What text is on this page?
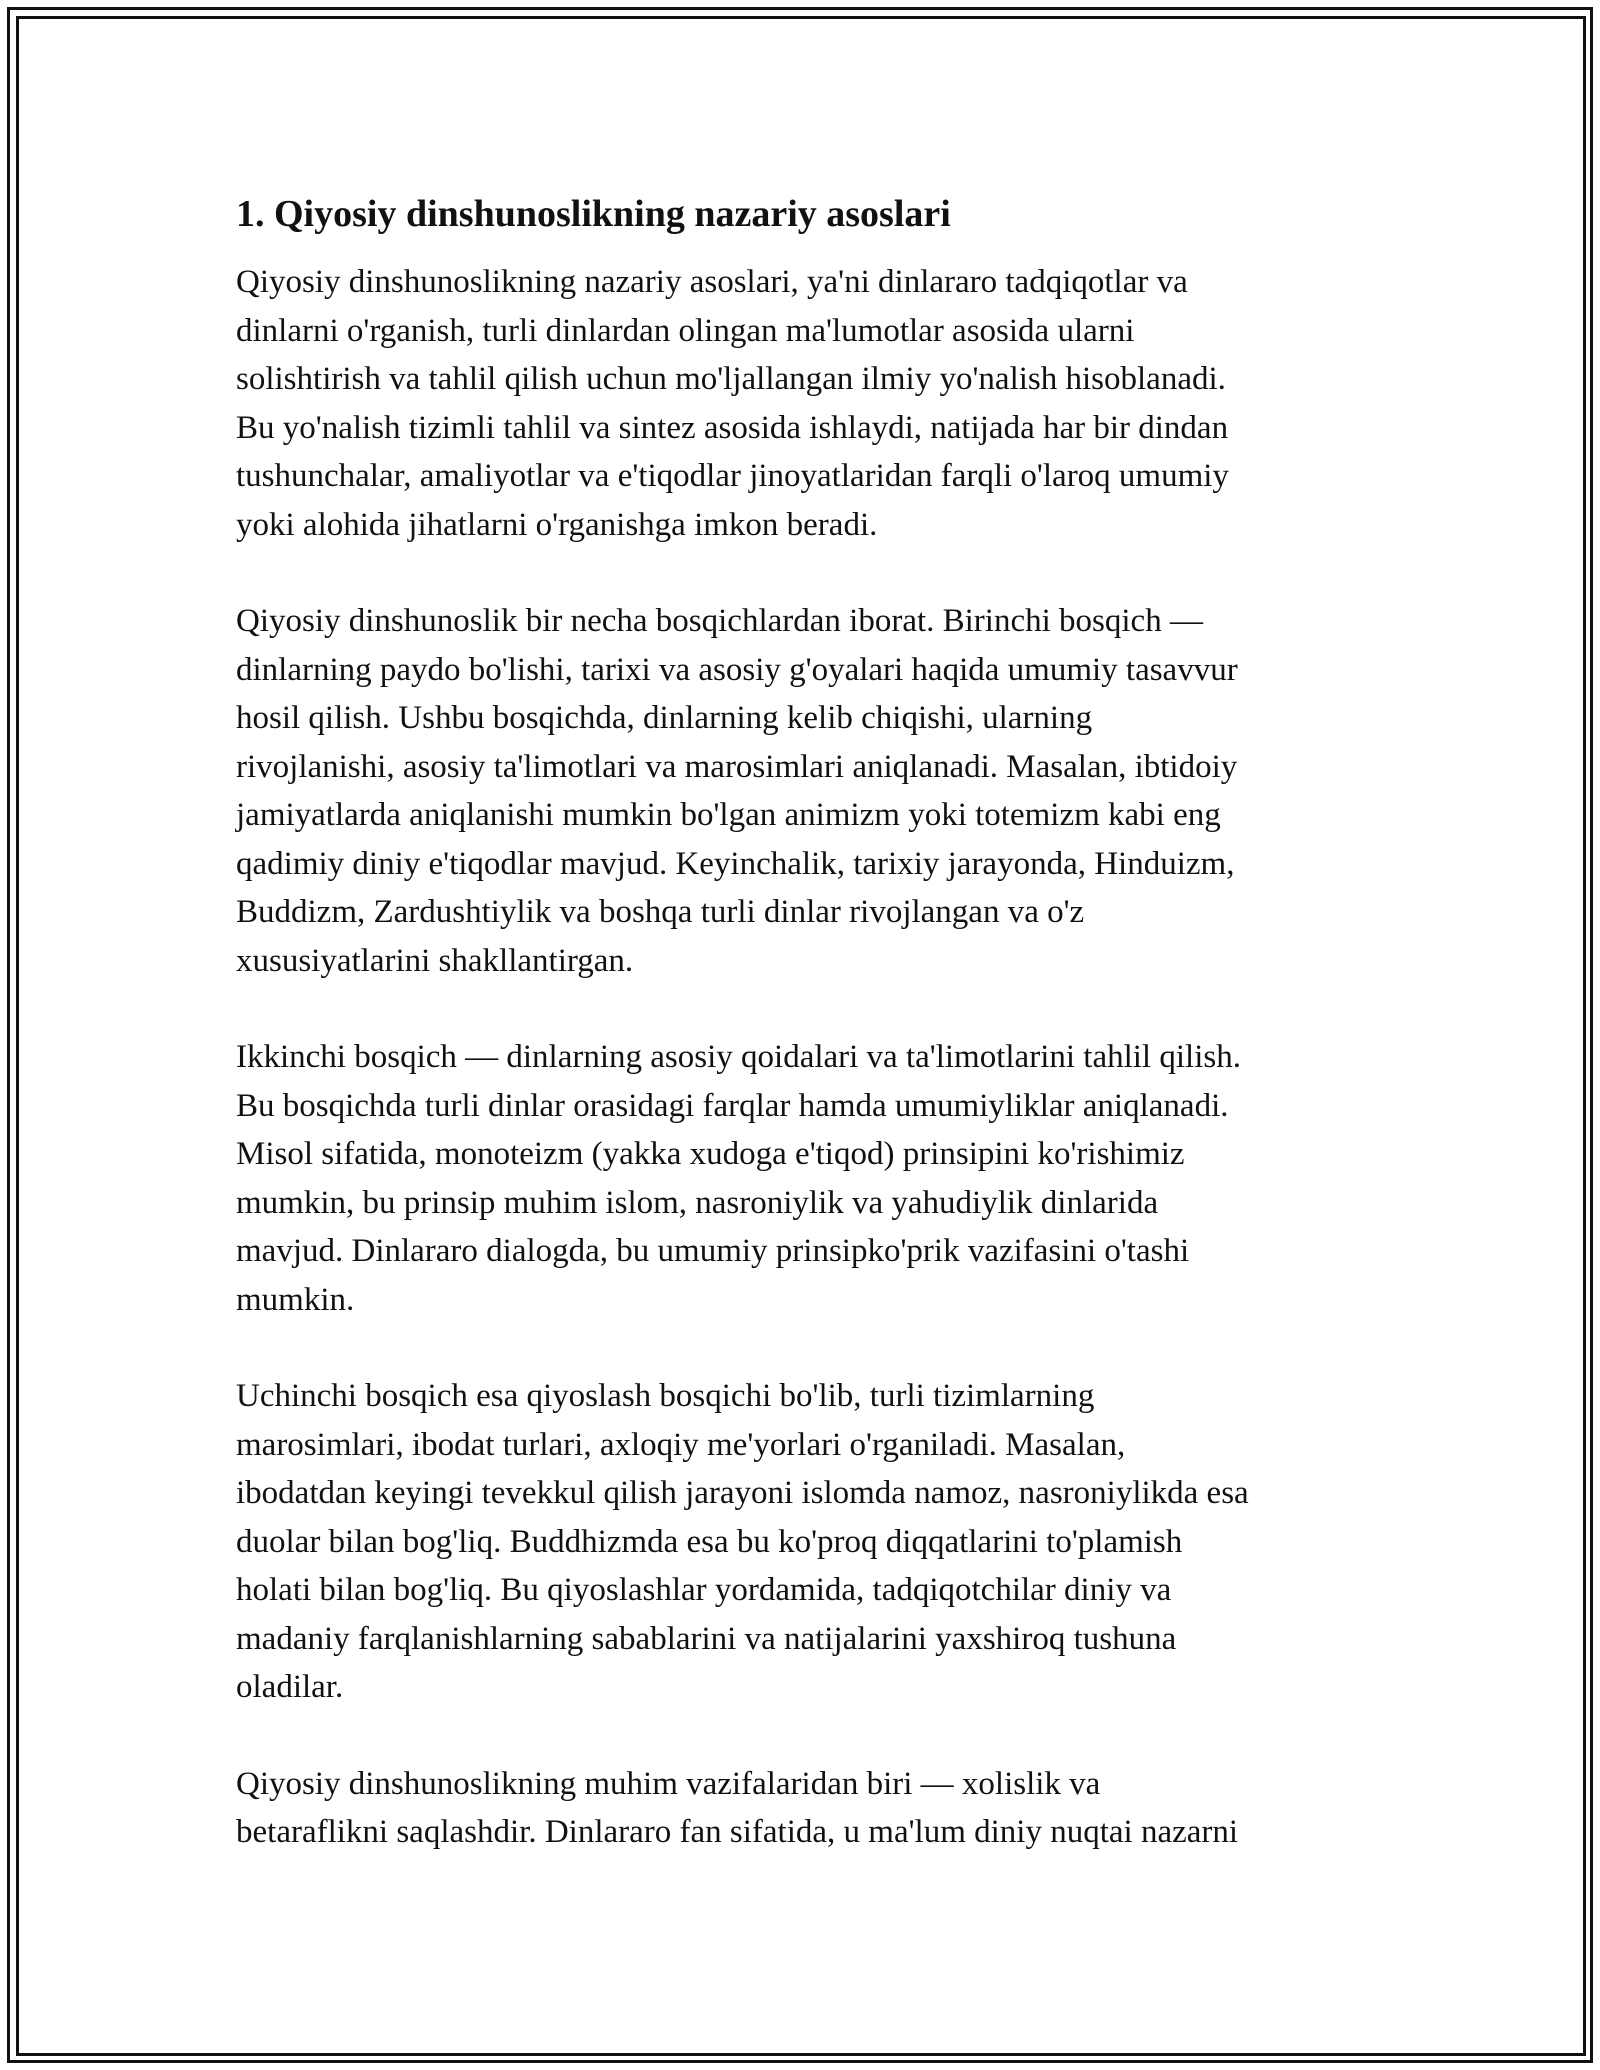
1. Qiyosiy dinshunoslikning nazariy asoslari
Qiyosiy dinshunoslikning nazariy asoslari, ya'ni dinlararo tadqiqotlar va
dinlarni o'rganish, turli dinlardan olingan ma'lumotlar asosida ularni
solishtirish va tahlil qilish uchun mo'ljallangan ilmiy yo'nalish hisoblanadi.
Bu yo'nalish tizimli tahlil va sintez asosida ishlaydi, natijada har bir dindan
tushunchalar, amaliyotlar va e'tiqodlar jinoyatlaridan farqli o'laroq umumiy
yoki alohida jihatlarni o'rganishga imkon beradi.
Qiyosiy dinshunoslik bir necha bosqichlardan iborat. Birinchi bosqich —
dinlarning paydo bo'lishi, tarixi va asosiy g'oyalari haqida umumiy tasavvur
hosil qilish. Ushbu bosqichda, dinlarning kelib chiqishi, ularning
rivojlanishi, asosiy ta'limotlari va marosimlari aniqlanadi. Masalan, ibtidoiy
jamiyatlarda aniqlanishi mumkin bo'lgan animizm yoki totemizm kabi eng
qadimiy diniy e'tiqodlar mavjud. Keyinchalik, tarixiy jarayonda, Hinduizm,
Buddizm, Zardushtiylik va boshqa turli dinlar rivojlangan va o'z
xususiyatlarini shakllantirgan.
Ikkinchi bosqich — dinlarning asosiy qoidalari va ta'limotlarini tahlil qilish.
Bu bosqichda turli dinlar orasidagi farqlar hamda umumiyliklar aniqlanadi.
Misol sifatida, monoteizm (yakka xudoga e'tiqod) prinsipini ko'rishimiz
mumkin, bu prinsip muhim islom, nasroniylik va yahudiylik dinlarida
mavjud. Dinlararo dialogda, bu umumiy prinsipko'prik vazifasini o'tashi
mumkin.
Uchinchi bosqich esa qiyoslash bosqichi bo'lib, turli tizimlarning
marosimlari, ibodat turlari, axloqiy me'yorlari o'rganiladi. Masalan,
ibodatdan keyingi tevekkul qilish jarayoni islomda namoz, nasroniylikda esa
duolar bilan bog'liq. Buddhizmda esa bu ko'proq diqqatlarini to'plamish
holati bilan bog'liq. Bu qiyoslashlar yordamida, tadqiqotchilar diniy va
madaniy farqlanishlarning sabablarini va natijalarini yaxshiroq tushuna
oladilar.
Qiyosiy dinshunoslikning muhim vazifalaridan biri — xolislik va
betaraflikni saqlashdir. Dinlararo fan sifatida, u ma'lum diniy nuqtai nazarni
